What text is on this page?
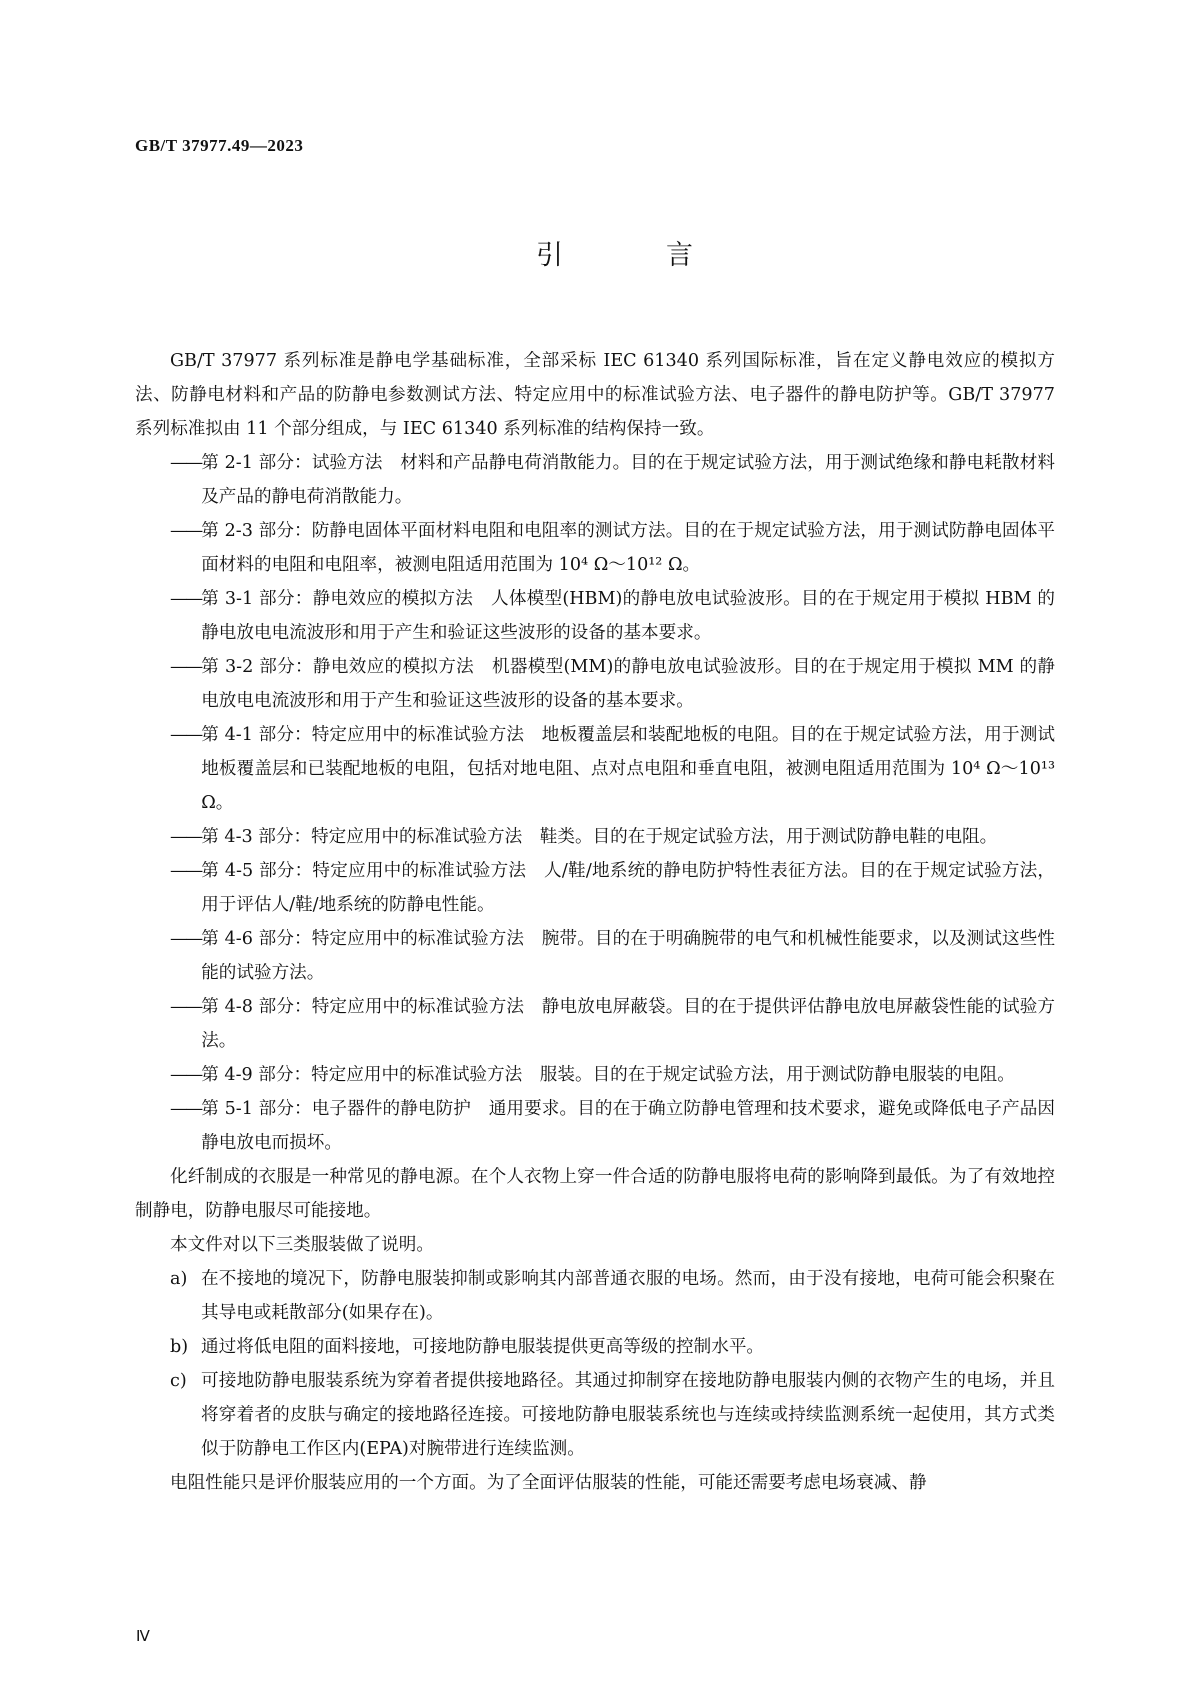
GB/T 37977.49—2023
引　言

GB/T 37977 系列标准是静电学基础标准，全部采标 IEC 61340 系列国际标准，旨在定义静电效应的模拟方法、防静电材料和产品的防静电参数测试方法、特定应用中的标准试验方法、电子器件的静电防护等。GB/T 37977 系列标准拟由 11 个部分组成，与 IEC 61340 系列标准的结构保持一致。

—— 第 2-1 部分：试验方法　材料和产品静电荷消散能力。目的在于规定试验方法，用于测试绝缘和静电耗散材料及产品的静电荷消散能力。
—— 第 2-3 部分：防静电固体平面材料电阻和电阻率的测试方法。目的在于规定试验方法，用于测试防静电固体平面材料的电阻和电阻率，被测电阻适用范围为 10⁴ Ω～10¹² Ω。
—— 第 3-1 部分：静电效应的模拟方法　人体模型(HBM)的静电放电试验波形。目的在于规定用于模拟 HBM 的静电放电电流波形和用于产生和验证这些波形的设备的基本要求。
—— 第 3-2 部分：静电效应的模拟方法　机器模型(MM)的静电放电试验波形。目的在于规定用于模拟 MM 的静电放电电流波形和用于产生和验证这些波形的设备的基本要求。
—— 第 4-1 部分：特定应用中的标准试验方法　地板覆盖层和装配地板的电阻。目的在于规定试验方法，用于测试地板覆盖层和已装配地板的电阻，包括对地电阻、点对点电阻和垂直电阻，被测电阻适用范围为 10⁴ Ω～10¹³ Ω。
—— 第 4-3 部分：特定应用中的标准试验方法　鞋类。目的在于规定试验方法，用于测试防静电鞋的电阻。
—— 第 4-5 部分：特定应用中的标准试验方法　人/鞋/地系统的静电防护特性表征方法。目的在于规定试验方法，用于评估人/鞋/地系统的防静电性能。
—— 第 4-6 部分：特定应用中的标准试验方法　腕带。目的在于明确腕带的电气和机械性能要求，以及测试这些性能的试验方法。
—— 第 4-8 部分：特定应用中的标准试验方法　静电放电屏蔽袋。目的在于提供评估静电放电屏蔽袋性能的试验方法。
—— 第 4-9 部分：特定应用中的标准试验方法　服装。目的在于规定试验方法，用于测试防静电服装的电阻。
—— 第 5-1 部分：电子器件的静电防护　通用要求。目的在于确立防静电管理和技术要求，避免或降低电子产品因静电放电而损坏。

化纤制成的衣服是一种常见的静电源。在个人衣物上穿一件合适的防静电服将电荷的影响降到最低。为了有效地控制静电，防静电服尽可能接地。

本文件对以下三类服装做了说明。

a) 在不接地的境况下，防静电服装抑制或影响其内部普通衣服的电场。然而，由于没有接地，电荷可能会积聚在其导电或耗散部分(如果存在)。
b) 通过将低电阻的面料接地，可接地防静电服装提供更高等级的控制水平。
c) 可接地防静电服装系统为穿着者提供接地路径。其通过抑制穿在接地防静电服装内侧的衣物产生的电场，并且将穿着者的皮肤与确定的接地路径连接。可接地防静电服装系统也与连续或持续监测系统一起使用，其方式类似于防静电工作区内(EPA)对腕带进行连续监测。

电阻性能只是评价服装应用的一个方面。为了全面评估服装的性能，可能还需要考虑电场衰减、静

Ⅳ
